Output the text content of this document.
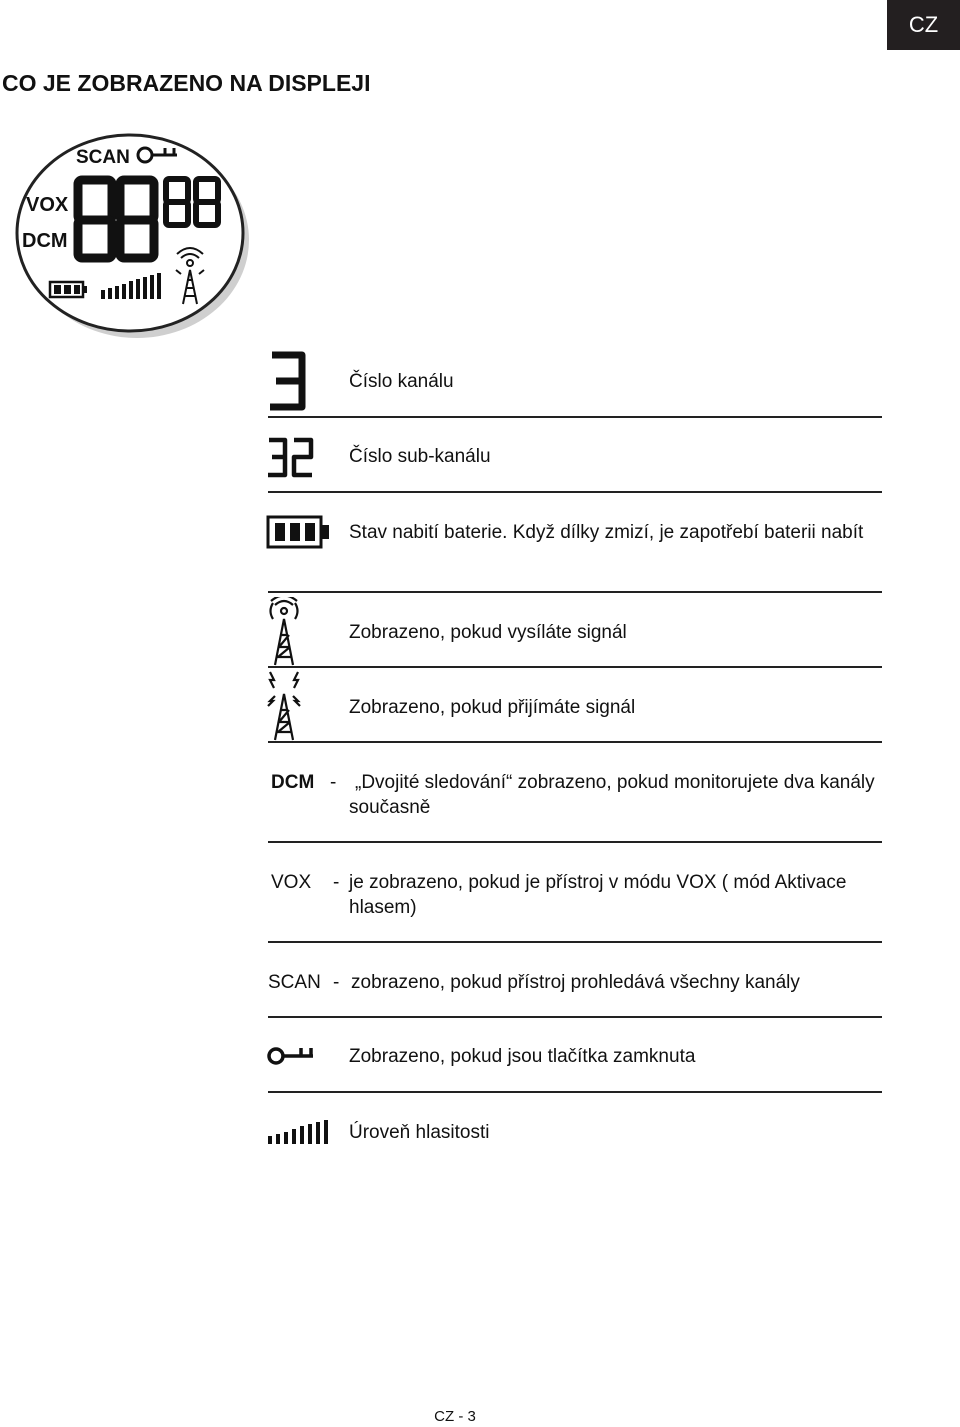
CZ
CO JE ZOBRAZENO NA DISPLEJI
SCAN
VOX
DCM
Číslo kanálu
Číslo sub-kanálu
Stav nabití baterie. Když dílky zmizí, je zapotřebí baterii nabít
Zobrazeno, pokud vysíláte signál
Zobrazeno, pokud přijímáte signál
DCM - „Dvojité sledování“ zobrazeno, pokud monitorujete dva kanály současně
VOX - je zobrazeno, pokud je přístroj v módu VOX ( mód Aktivace hlasem)
SCAN - zobrazeno, pokud přístroj prohledává všechny kanály
Zobrazeno, pokud jsou tlačítka zamknuta
Úroveň hlasitosti
CZ - 3
